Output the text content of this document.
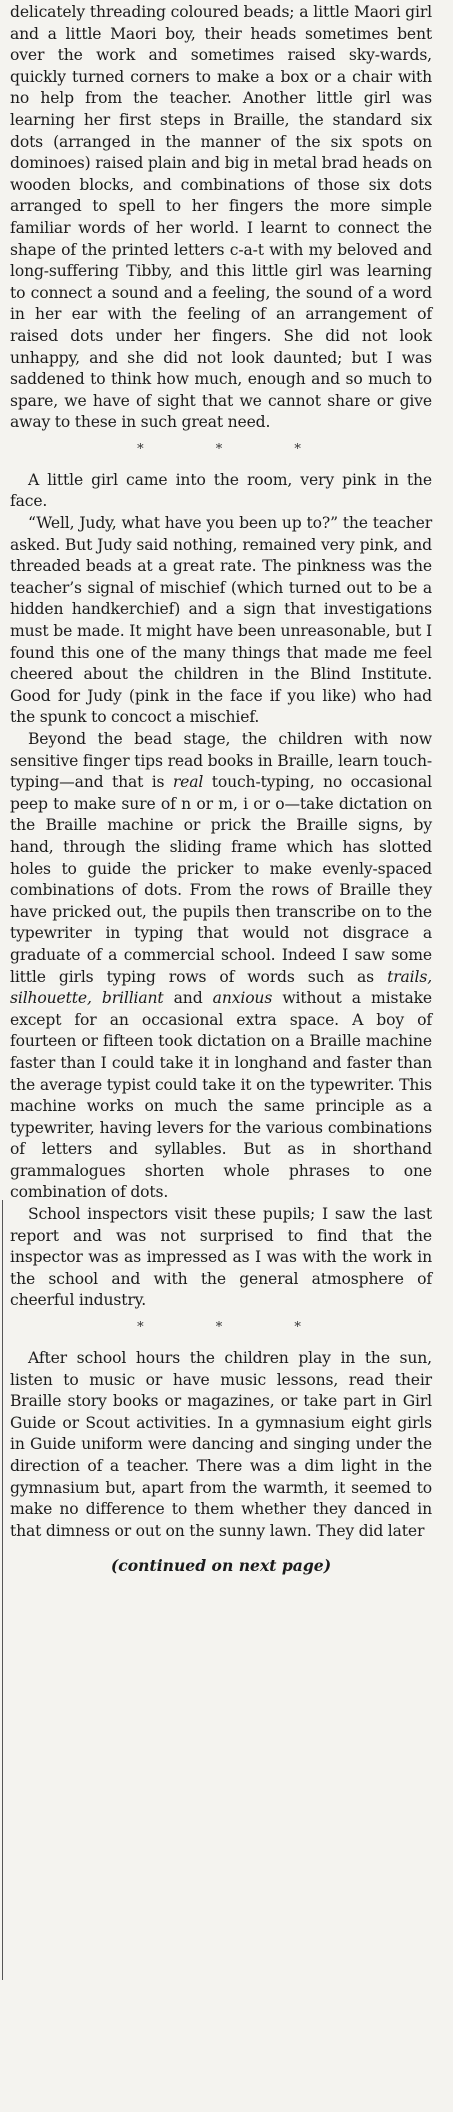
delicately threading coloured beads; a little Maori girl and a little Maori boy, their heads sometimes bent over the work and sometimes raised sky-wards, quickly turned corners to make a box or a chair with no help from the teacher. Another little girl was learning her first steps in Braille, the standard six dots (arranged in the manner of the six spots on dominoes) raised plain and big in metal brad heads on wooden blocks, and combinations of those six dots arranged to spell to her fingers the more simple familiar words of her world. I learnt to connect the shape of the printed letters c-a-t with my beloved and long-suffering Tibby, and this little girl was learning to connect a sound and a feeling, the sound of a word in her ear with the feeling of an arrangement of raised dots under her fingers. She did not look unhappy, and she did not look daunted; but I was saddened to think how much, enough and so much to spare, we have of sight that we cannot share or give away to these in such great need.

* * *

A little girl came into the room, very pink in the face.

“Well, Judy, what have you been up to?” the teacher asked. But Judy said nothing, remained very pink, and threaded beads at a great rate. The pinkness was the teacher’s signal of mischief (which turned out to be a hidden handkerchief) and a sign that investigations must be made. It might have been unreasonable, but I found this one of the many things that made me feel cheered about the children in the Blind Institute. Good for Judy (pink in the face if you like) who had the spunk to concoct a mischief.

Beyond the bead stage, the children with now sensitive finger tips read books in Braille, learn touch-typing—and that is real touch-typing, no occasional peep to make sure of n or m, i or o—take dictation on the Braille machine or prick the Braille signs, by hand, through the sliding frame which has slotted holes to guide the pricker to make evenly-spaced combinations of dots. From the rows of Braille they have pricked out, the pupils then transcribe on to the typewriter in typing that would not disgrace a graduate of a commercial school. Indeed I saw some little girls typing rows of words such as trails, silhouette, brilliant and anxious without a mistake except for an occasional extra space. A boy of fourteen or fifteen took dictation on a Braille machine faster than I could take it in longhand and faster than the average typist could take it on the typewriter. This machine works on much the same principle as a typewriter, having levers for the various combinations of letters and syllables. But as in shorthand grammalogues shorten whole phrases to one combination of dots.

School inspectors visit these pupils; I saw the last report and was not surprised to find that the inspector was as impressed as I was with the work in the school and with the general atmosphere of cheerful industry.

* * *

After school hours the children play in the sun, listen to music or have music lessons, read their Braille story books or magazines, or take part in Girl Guide or Scout activities. In a gymnasium eight girls in Guide uniform were dancing and singing under the direction of a teacher. There was a dim light in the gymnasium but, apart from the warmth, it seemed to make no difference to them whether they danced in that dimness or out on the sunny lawn. They did later

(continued on next page)
